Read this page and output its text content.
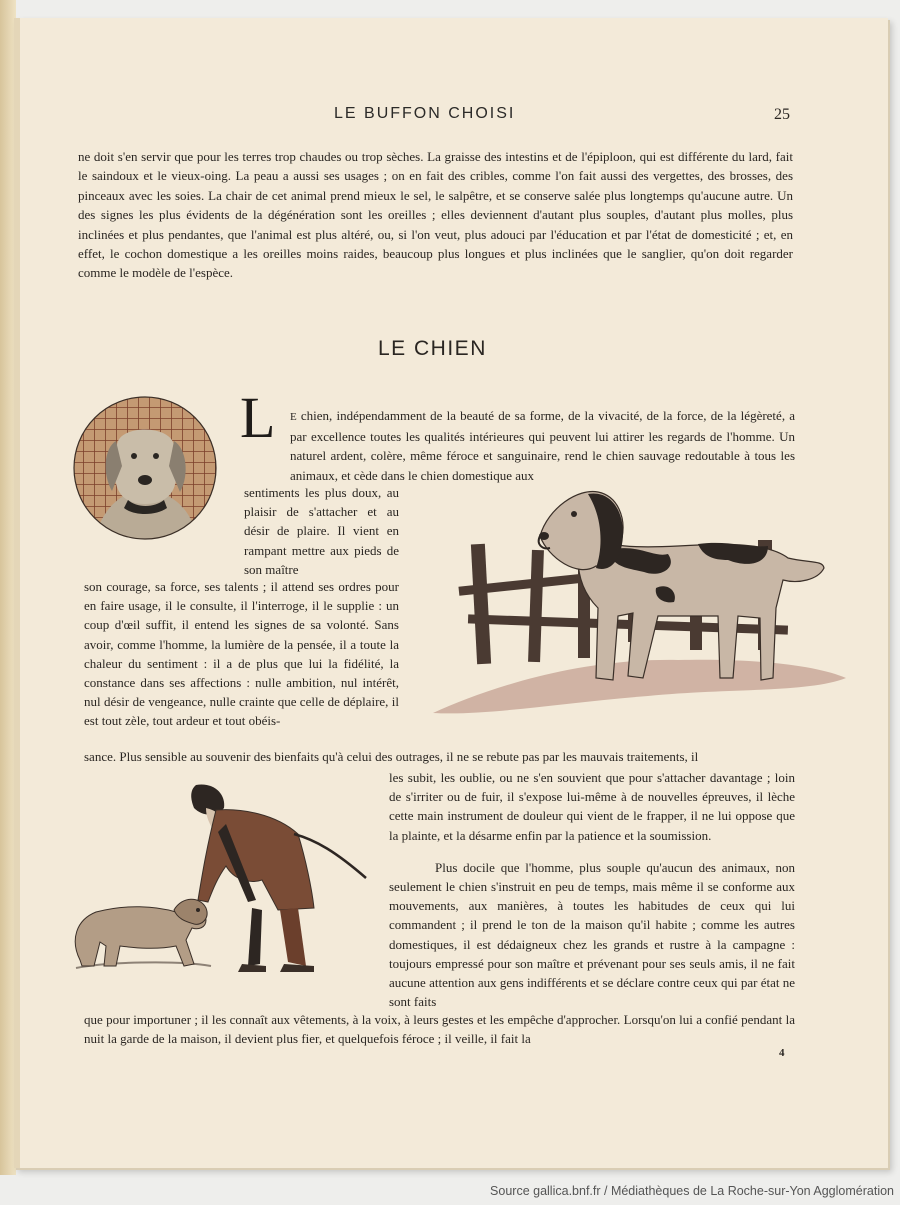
LE BUFFON CHOISI	25

ne doit s'en servir que pour les terres trop chaudes ou trop sèches. La graisse des intestins et de l'épiploon, qui est différente du lard, fait le saindoux et le vieux-oing. La peau a aussi ses usages ; on en fait des cribles, comme l'on fait aussi des vergettes, des brosses, des pinceaux avec les soies. La chair de cet animal prend mieux le sel, le salpêtre, et se conserve salée plus longtemps qu'aucune autre. Un des signes les plus évidents de la dégénération sont les oreilles ; elles deviennent d'autant plus souples, d'autant plus molles, plus inclinées et plus pendantes, que l'animal est plus altéré, ou, si l'on veut, plus adouci par l'éducation et par l'état de domesticité ; et, en effet, le cochon domestique a les oreilles moins raides, beaucoup plus longues et plus inclinées que le sanglier, qu'on doit regarder comme le modèle de l'espèce.

LE CHIEN
L	E chien, indépendamment de la beauté de sa forme, de la vivacité, de la force, de la légèreté, a par excellence toutes les qualités intérieures qui peuvent lui attirer les regards de l'homme. Un naturel ardent, colère, même féroce et sanguinaire, rend le chien sauvage redoutable à tous les animaux, et cède dans le chien domestique aux

sentiments les plus doux, au plaisir de s'attacher et au désir de plaire. Il vient en rampant mettre aux pieds de son maître

son courage, sa force, ses talents ; il attend ses ordres pour en faire usage, il le consulte, il l'interroge, il le supplie : un coup d'œil suffit, il entend les signes de sa volonté. Sans avoir, comme l'homme, la lumière de la pensée, il a toute la chaleur du sentiment : il a de plus que lui la fidélité, la constance dans ses affections : nulle ambition, nul intérêt, nul désir de vengeance, nulle crainte que celle de déplaire, il est tout zèle, tout ardeur et tout obéis-

sance. Plus sensible au souvenir des bienfaits qu'à celui des outrages, il ne se rebute pas par les mauvais traitements, il

les subit, les oublie, ou ne s'en souvient que pour s'attacher davantage ; loin de s'irriter ou de fuir, il s'expose lui-même à de nouvelles épreuves, il lèche cette main instrument de douleur qui vient de le frapper, il ne lui oppose que la plainte, et la désarme enfin par la patience et la soumission.

Plus docile que l'homme, plus souple qu'aucun des animaux, non seulement le chien s'instruit en peu de temps, mais même il se conforme aux mouvements, aux manières, à toutes les habitudes de ceux qui lui commandent ; il prend le ton de la maison qu'il habite ; comme les autres domestiques, il est dédaigneux chez les grands et rustre à la campagne : toujours empressé pour son maître et prévenant pour ses seuls amis, il ne fait aucune attention aux gens indifférents et se déclare contre ceux qui par état ne sont faits

que pour importuner ; il les connaît aux vêtements, à la voix, à leurs gestes et les empêche d'approcher. Lorsqu'on lui a confié pendant la nuit la garde de la maison, il devient plus fier, et quelquefois féroce ; il veille, il fait la

4
Source gallica.bnf.fr / Médiathèques de La Roche-sur-Yon Agglomération
